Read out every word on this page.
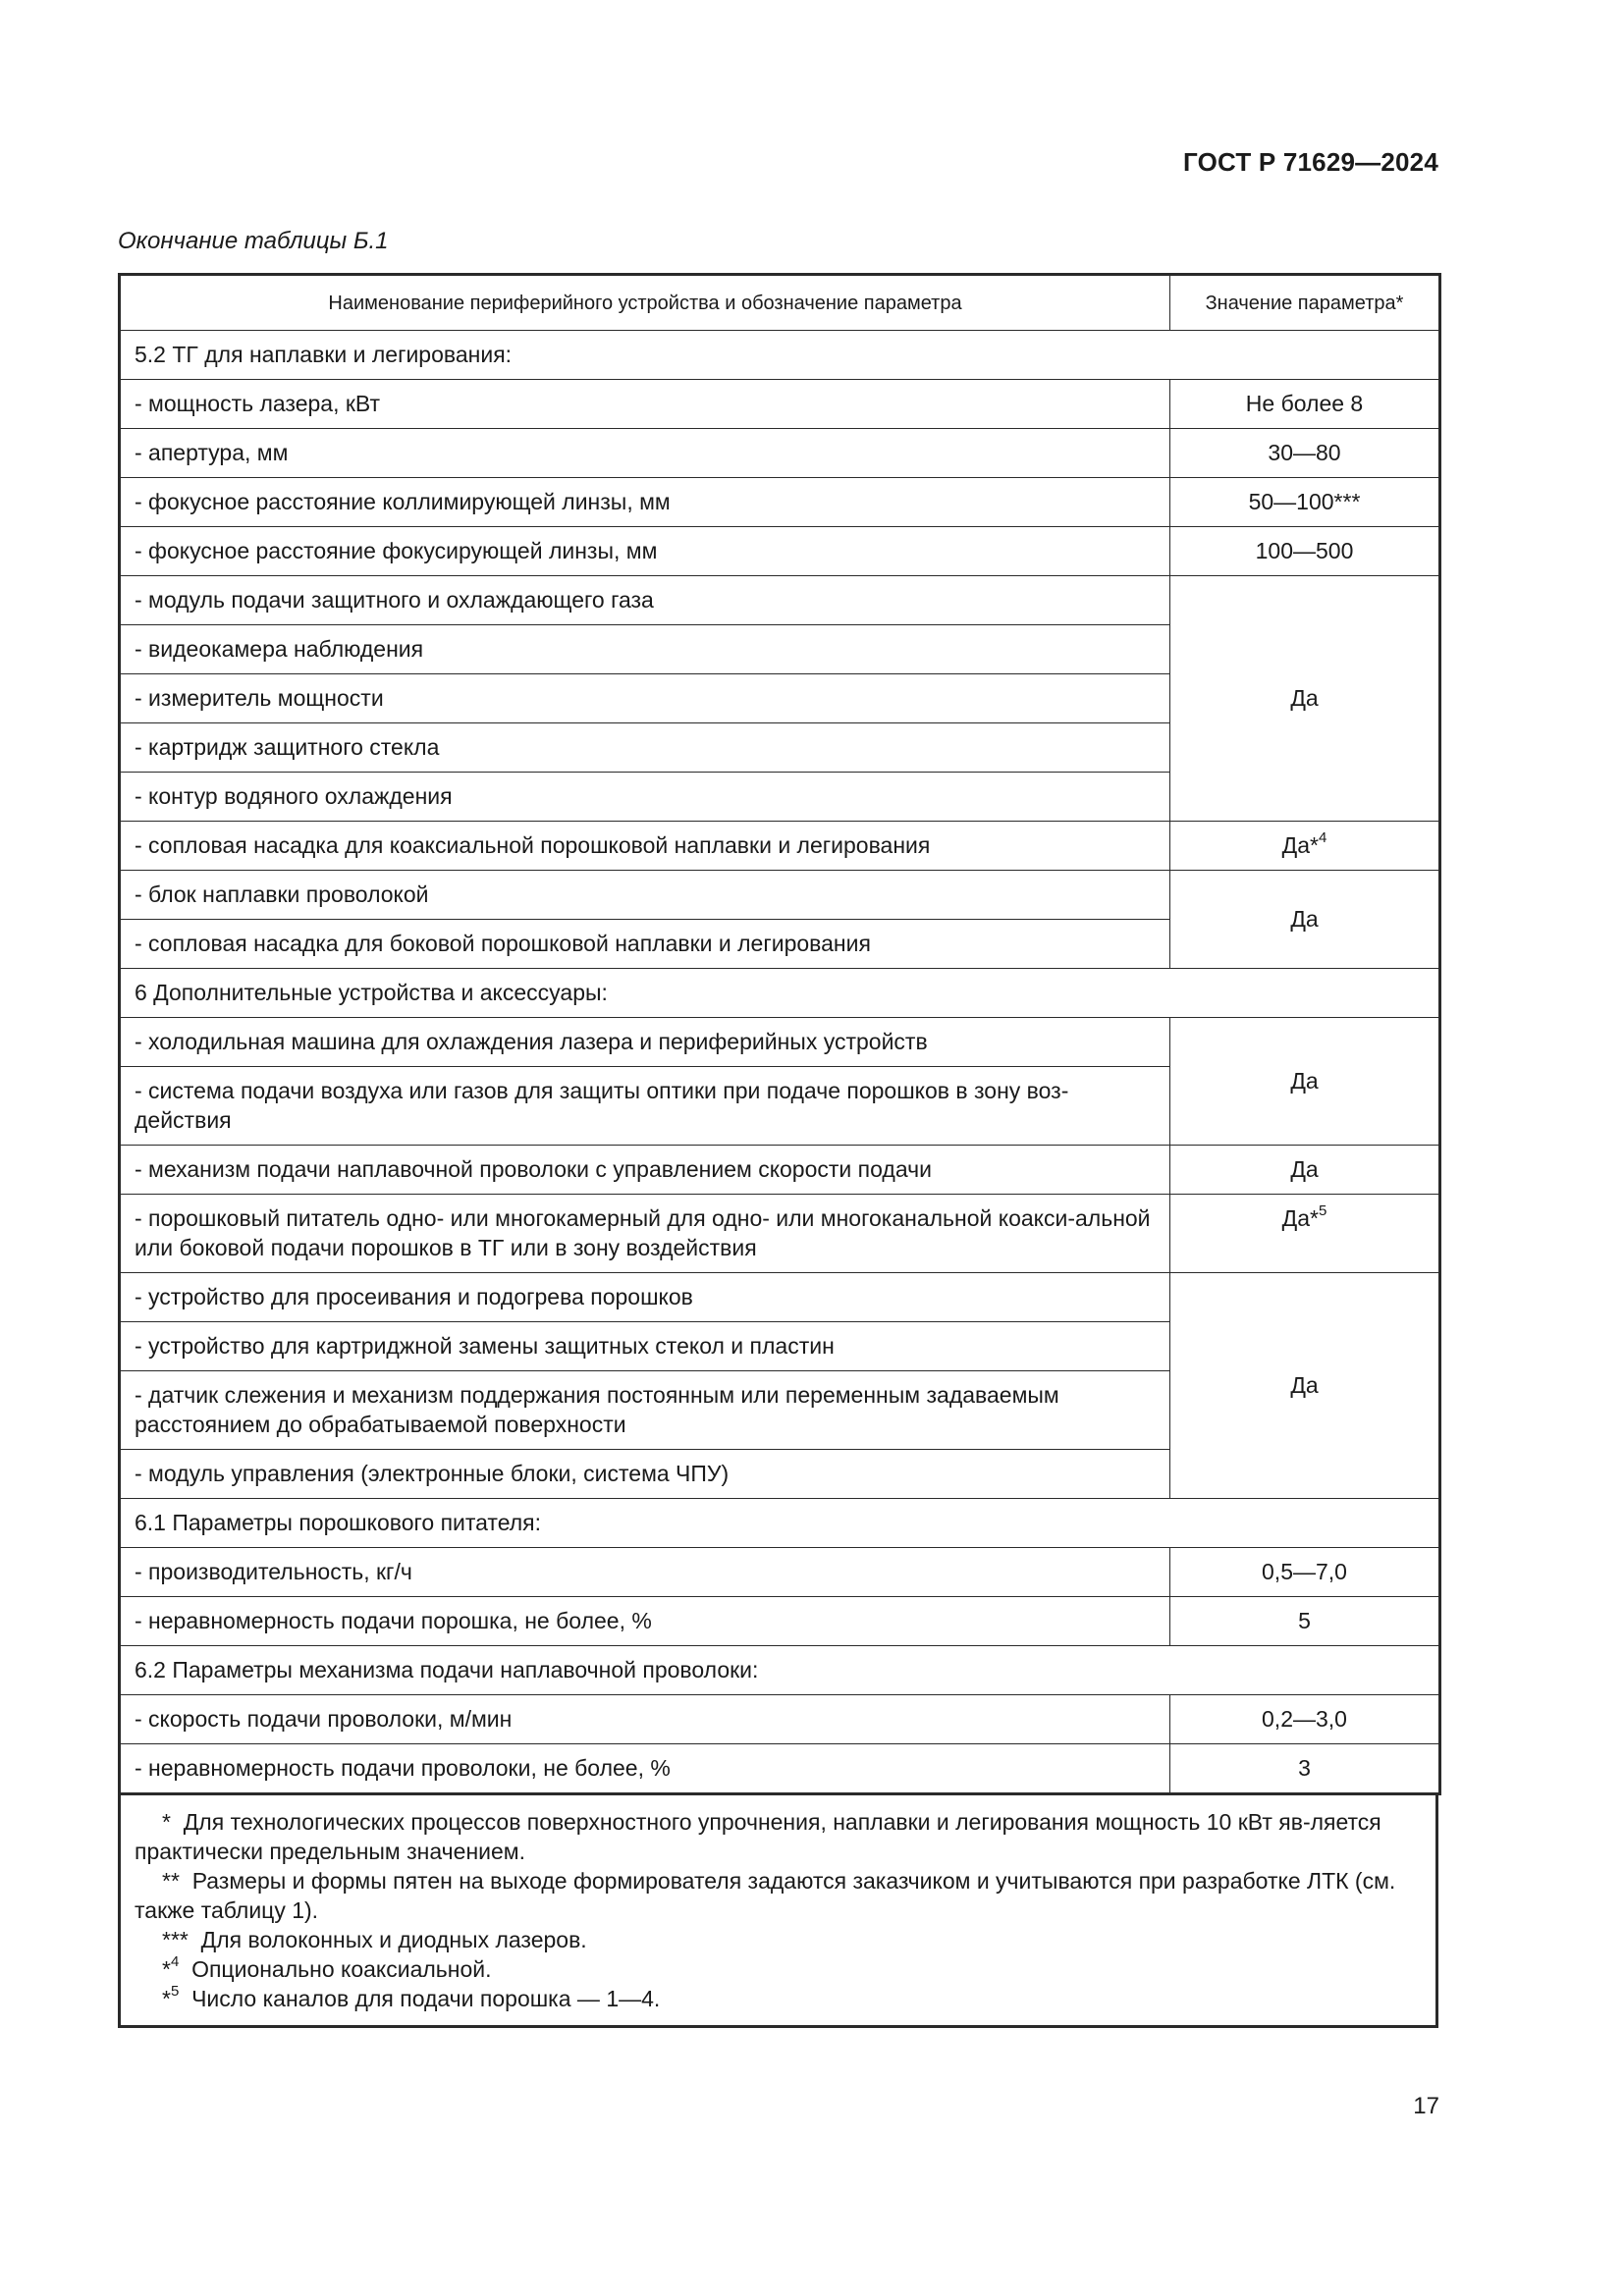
ГОСТ Р 71629—2024
Окончание таблицы Б.1
Наименование периферийного устройства и обозначение параметра	Значение параметра*
5.2 ТГ для наплавки и легирования:	
- мощность лазера, кВт	Не более 8
- апертура, мм	30—80
- фокусное расстояние коллимирующей линзы, мм	50—100***
- фокусное расстояние фокусирующей линзы, мм	100—500
- модуль подачи защитного и охлаждающего газа	Да
- видеокамера наблюдения	
- измеритель мощности	
- картридж защитного стекла	
- контур водяного охлаждения	
- сопловая насадка для коаксиальной порошковой наплавки и легирования	Да*$^4$
- блок наплавки проволокой	Да
- сопловая насадка для боковой порошковой наплавки и легирования	
6 Дополнительные устройства и аксессуары:	
- холодильная машина для охлаждения лазера и периферийных устройств	Да
- система подачи воздуха или газов для защиты оптики при подаче порошков в зону воз-действия	
- механизм подачи наплавочной проволоки с управлением скорости подачи	Да
- порошковый питатель одно- или многокамерный для одно- или многоканальной коакси-альной или боковой подачи порошков в ТГ или в зону воздействия	Да*$^5$
- устройство для просеивания и подогрева порошков	Да
- устройство для картриджной замены защитных стекол и пластин	
- датчик слежения и механизм поддержания постоянным или переменным задаваемым расстоянием до обрабатываемой поверхности	
- модуль управления (электронные блоки, система ЧПУ)	
6.1 Параметры порошкового питателя:	
- производительность, кг/ч	0,5—7,0
- неравномерность подачи порошка, не более, %	5
6.2 Параметры механизма подачи наплавочной проволоки:	
- скорость подачи проволоки, м/мин	0,2—3,0
- неравномерность подачи проволоки, не более, %	3

* Для технологических процессов поверхностного упрочнения, наплавки и легирования мощность 10 кВт яв-ляется практически предельным значением.

** Размеры и формы пятен на выходе формирователя задаются заказчиком и учитываются при разработке ЛТК (см. также таблицу 1).

*** Для волоконных и диодных лазеров.

*$^4$ Опционально коаксиальной.

*$^5$ Число каналов для подачи порошка — 1—4.

17
